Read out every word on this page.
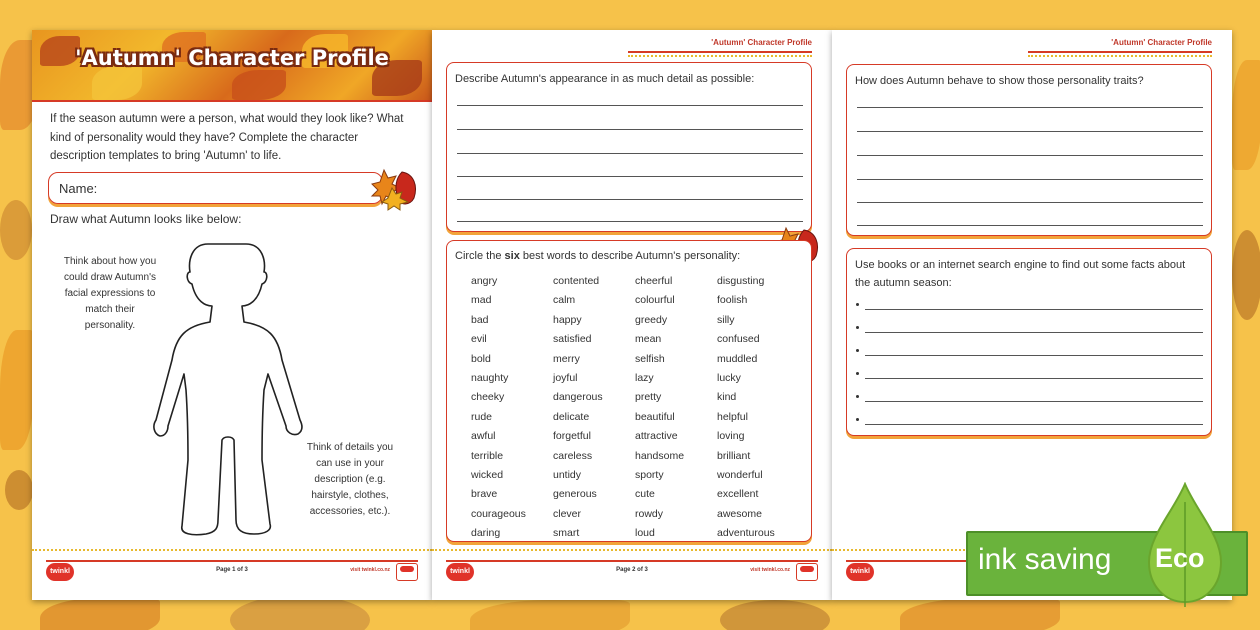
'Autumn' Character Profile
If the season autumn were a person, what would they look like? What kind of personality would they have? Complete the character description templates to bring 'Autumn' to life.
Name:
Draw what Autumn looks like below:
Think about how you could draw Autumn's facial expressions to match their personality.
Think of details you can use in your description (e.g. hairstyle, clothes, accessories, etc.).
twinkl	Page 1 of 3	visit twinkl.co.nz
'Autumn' Character Profile
Describe Autumn's appearance in as much detail as possible:
Circle the six best words to describe Autumn's personality:
angry	contented	cheerful	disgusting
mad	calm	colourful	foolish
bad	happy	greedy	silly
evil	satisfied	mean	confused
bold	merry	selfish	muddled
naughty	joyful	lazy	lucky
cheeky	dangerous	pretty	kind
rude	delicate	beautiful	helpful
awful	forgetful	attractive	loving
terrible	careless	handsome	brilliant
wicked	untidy	sporty	wonderful
brave	generous	cute	excellent
courageous	clever	rowdy	awesome
daring	smart	loud	adventurous
twinkl	Page 2 of 3	visit twinkl.co.nz
'Autumn' Character Profile
How does Autumn behave to show those personality traits?
Use books or an internet search engine to find out some facts about the autumn season:
twinkl	ink saving Eco
